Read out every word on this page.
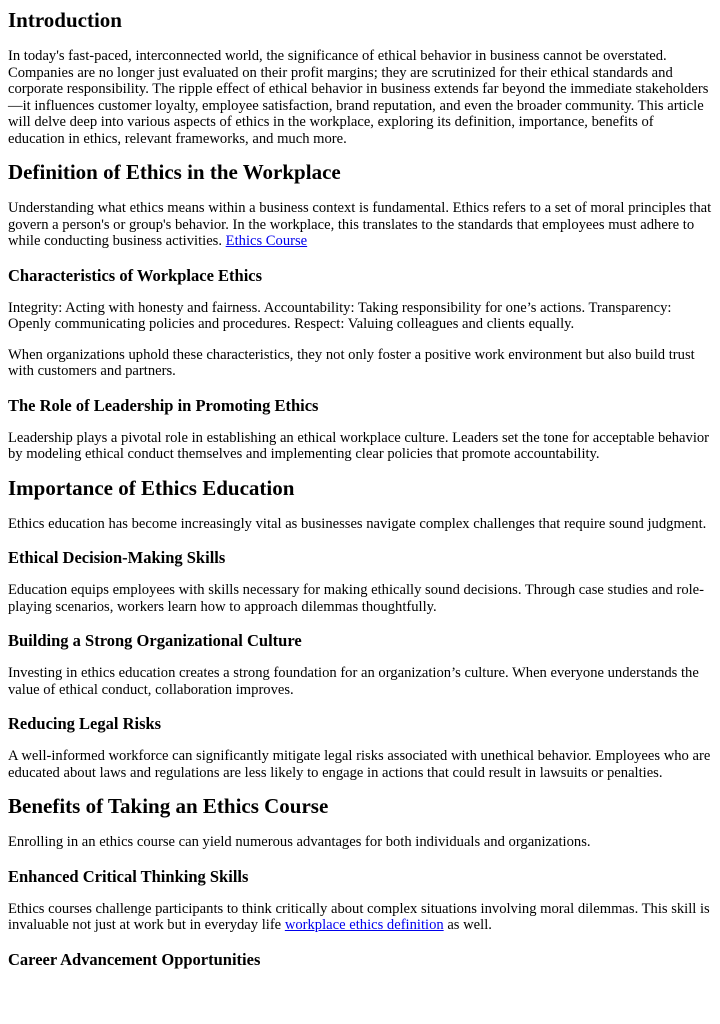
Introduction

In today's fast-paced, interconnected world, the significance of ethical behavior in business cannot be overstated. Companies are no longer just evaluated on their profit margins; they are scrutinized for their ethical standards and corporate responsibility. The ripple effect of ethical behavior in business extends far beyond the immediate stakeholders—it influences customer loyalty, employee satisfaction, brand reputation, and even the broader community. This article will delve deep into various aspects of ethics in the workplace, exploring its definition, importance, benefits of education in ethics, relevant frameworks, and much more.

Definition of Ethics in the Workplace

Understanding what ethics means within a business context is fundamental. Ethics refers to a set of moral principles that govern a person's or group's behavior. In the workplace, this translates to the standards that employees must adhere to while conducting business activities. Ethics Course

Characteristics of Workplace Ethics

Integrity: Acting with honesty and fairness. Accountability: Taking responsibility for one’s actions. Transparency: Openly communicating policies and procedures. Respect: Valuing colleagues and clients equally.

When organizations uphold these characteristics, they not only foster a positive work environment but also build trust with customers and partners.

The Role of Leadership in Promoting Ethics

Leadership plays a pivotal role in establishing an ethical workplace culture. Leaders set the tone for acceptable behavior by modeling ethical conduct themselves and implementing clear policies that promote accountability.

Importance of Ethics Education

Ethics education has become increasingly vital as businesses navigate complex challenges that require sound judgment.

Ethical Decision-Making Skills

Education equips employees with skills necessary for making ethically sound decisions. Through case studies and role-playing scenarios, workers learn how to approach dilemmas thoughtfully.

Building a Strong Organizational Culture

Investing in ethics education creates a strong foundation for an organization’s culture. When everyone understands the value of ethical conduct, collaboration improves.

Reducing Legal Risks

A well-informed workforce can significantly mitigate legal risks associated with unethical behavior. Employees who are educated about laws and regulations are less likely to engage in actions that could result in lawsuits or penalties.

Benefits of Taking an Ethics Course

Enrolling in an ethics course can yield numerous advantages for both individuals and organizations.

Enhanced Critical Thinking Skills

Ethics courses challenge participants to think critically about complex situations involving moral dilemmas. This skill is invaluable not just at work but in everyday life workplace ethics definition as well.

Career Advancement Opportunities
